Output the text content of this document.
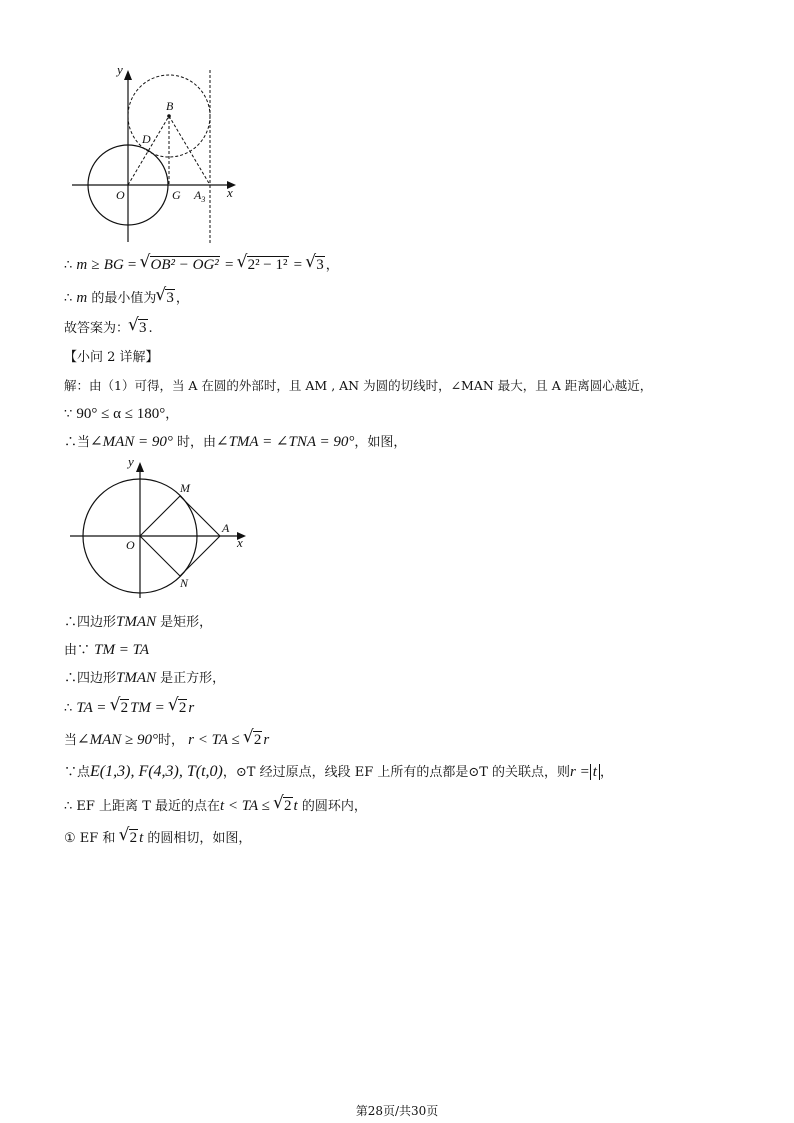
y
x
B
D
O	G $A_3$
∴ m ≥ BG = √ OB² − OG² = √ 2² − 1² = √ 3 ，
∴ m 的最小值为 √ 3 ，
故答案为： √ 3 .
【小问 2 详解】
解：由（1）可得，当 A 在圆的外部时，且 AM , AN 为圆的切线时，∠MAN 最大，且 A 距离圆心越近，
∵ 90° ≤ α ≤ 180°，
∴当∠MAN = 90° 时，由∠TMA = ∠TNA = 90°，如图，
y
x
M
A
O
N
∴四边形TMAN 是矩形，
由∵ TM = TA
∴四边形TMAN 是正方形，
∴ TA = √ 2 TM = √ 2 r
当∠MAN ≥ 90°时， r < TA ≤ √ 2 r
∵点E(1,3), F(4,3), T(t,0)，⊙T 经过原点，线段 EF 上所有的点都是⊙T 的关联点，则r = t ，
∴ EF 上距离 T 最近的点在t < TA ≤ √ 2 t 的圆环内，
① EF 和 √ 2 t 的圆相切，如图，
第28页/共30页
